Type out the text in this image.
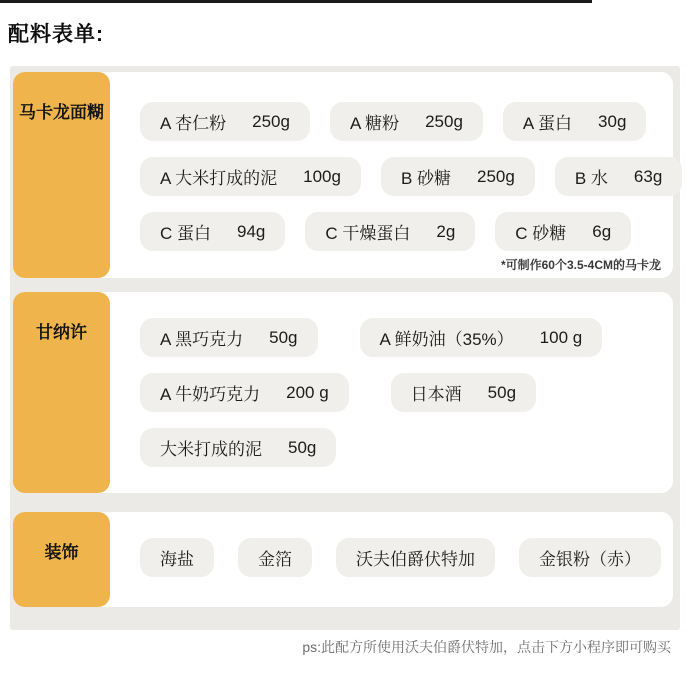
配料表单:
马卡龙面糊
A 杏仁粉 250g	A 糖粉 250g	A 蛋白 30g
A 大米打成的泥 100g	B 砂糖 250g	B 水 63g
C 蛋白 94g	C 干燥蛋白 2g	C 砂糖 6g
*可制作60个3.5-4CM的马卡龙
甘纳许	A 黑巧克力 50g	A 鲜奶油（35%） 100 g
A 牛奶巧克力 200 g	日本酒 50g
大米打成的泥 50g
装饰	海盐	金箔	沃夫伯爵伏特加	金银粉（赤）
ps:此配方所使用沃夫伯爵伏特加，点击下方小程序即可购买
